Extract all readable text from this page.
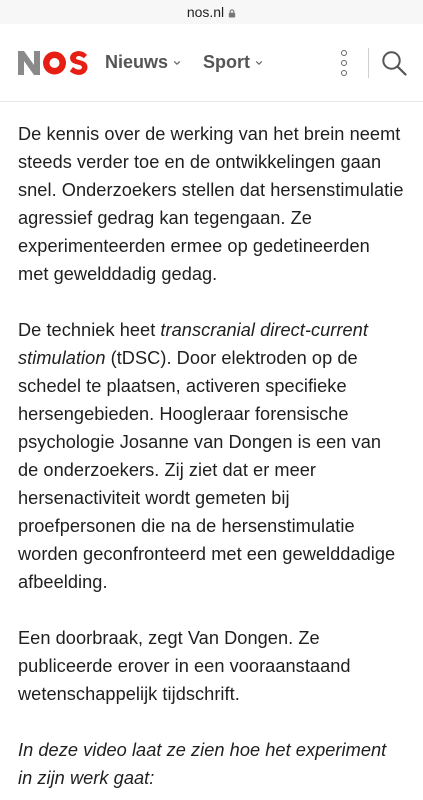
nos.nl
Nieuws Sport

De kennis over de werking van het brein neemt steeds verder toe en de ontwikkelingen gaan snel. Onderzoekers stellen dat hersenstimulatie agressief gedrag kan tegengaan. Ze experimenteerden ermee op gedetineerden met gewelddadig gedag.

De techniek heet transcranial direct-current stimulation (tDSC). Door elektroden op de schedel te plaatsen, activeren specifieke hersengebieden. Hoogleraar forensische psychologie Josanne van Dongen is een van de onderzoekers. Zij ziet dat er meer hersenactiviteit wordt gemeten bij proefpersonen die na de hersenstimulatie worden geconfronteerd met een gewelddadige afbeelding.

Een doorbraak, zegt Van Dongen. Ze publiceerde erover in een vooraanstaand wetenschappelijk tijdschrift.

In deze video laat ze zien hoe het experiment in zijn werk gaat:
